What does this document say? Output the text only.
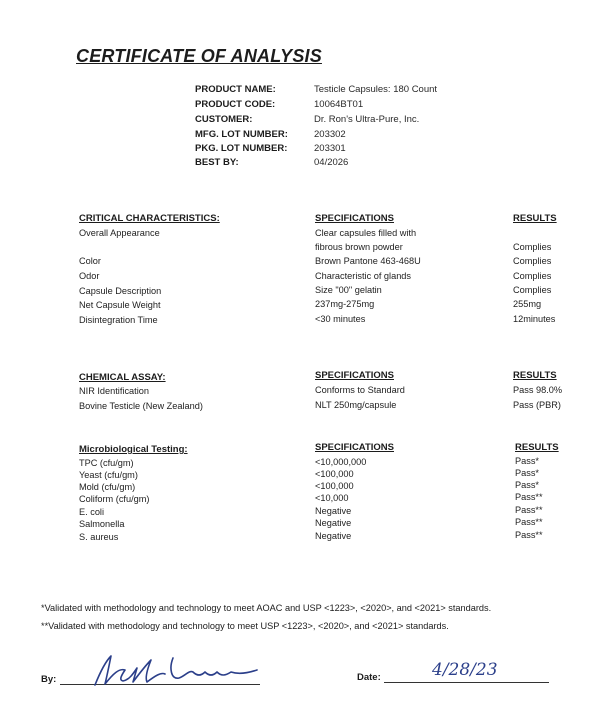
CERTIFICATE OF ANALYSIS
PRODUCT NAME:	Testicle Capsules: 180 Count
PRODUCT CODE:	10064BT01
CUSTOMER:	Dr. Ron's Ultra-Pure, Inc.
MFG. LOT NUMBER:	203302
PKG. LOT NUMBER:	203301
BEST BY:	04/2026
CRITICAL CHARACTERISTICS:	SPECIFICATIONS	RESULTS
Overall Appearance	Clear capsules filled with
fibrous brown powder	Complies
Color	Brown Pantone 463-468U	Complies
Odor	Characteristic of glands	Complies
Capsule Description	Size "00" gelatin	Complies
Net Capsule Weight	237mg-275mg	255mg
Disintegration Time	<30 minutes	12minutes
CHEMICAL ASSAY:	SPECIFICATIONS	RESULTS
NIR Identification	Conforms to Standard	Pass 98.0%
Bovine Testicle (New Zealand)	NLT 250mg/capsule	Pass (PBR)
Microbiological Testing:	SPECIFICATIONS	RESULTS
TPC (cfu/gm)	<10,000,000	Pass*
Yeast (cfu/gm)	<100,000	Pass*
Mold (cfu/gm)	<100,000	Pass*
Coliform (cfu/gm)	<10,000	Pass**
E. coli	Negative	Pass**
Salmonella	Negative	Pass**
S. aureus	Negative	Pass**
*Validated with methodology and technology to meet AOAC and USP <1223>, <2020>, and <2021> standards.
**Validated with methodology and technology to meet USP <1223>, <2020>, and <2021> standards.
By:	Date:	4/28/23
